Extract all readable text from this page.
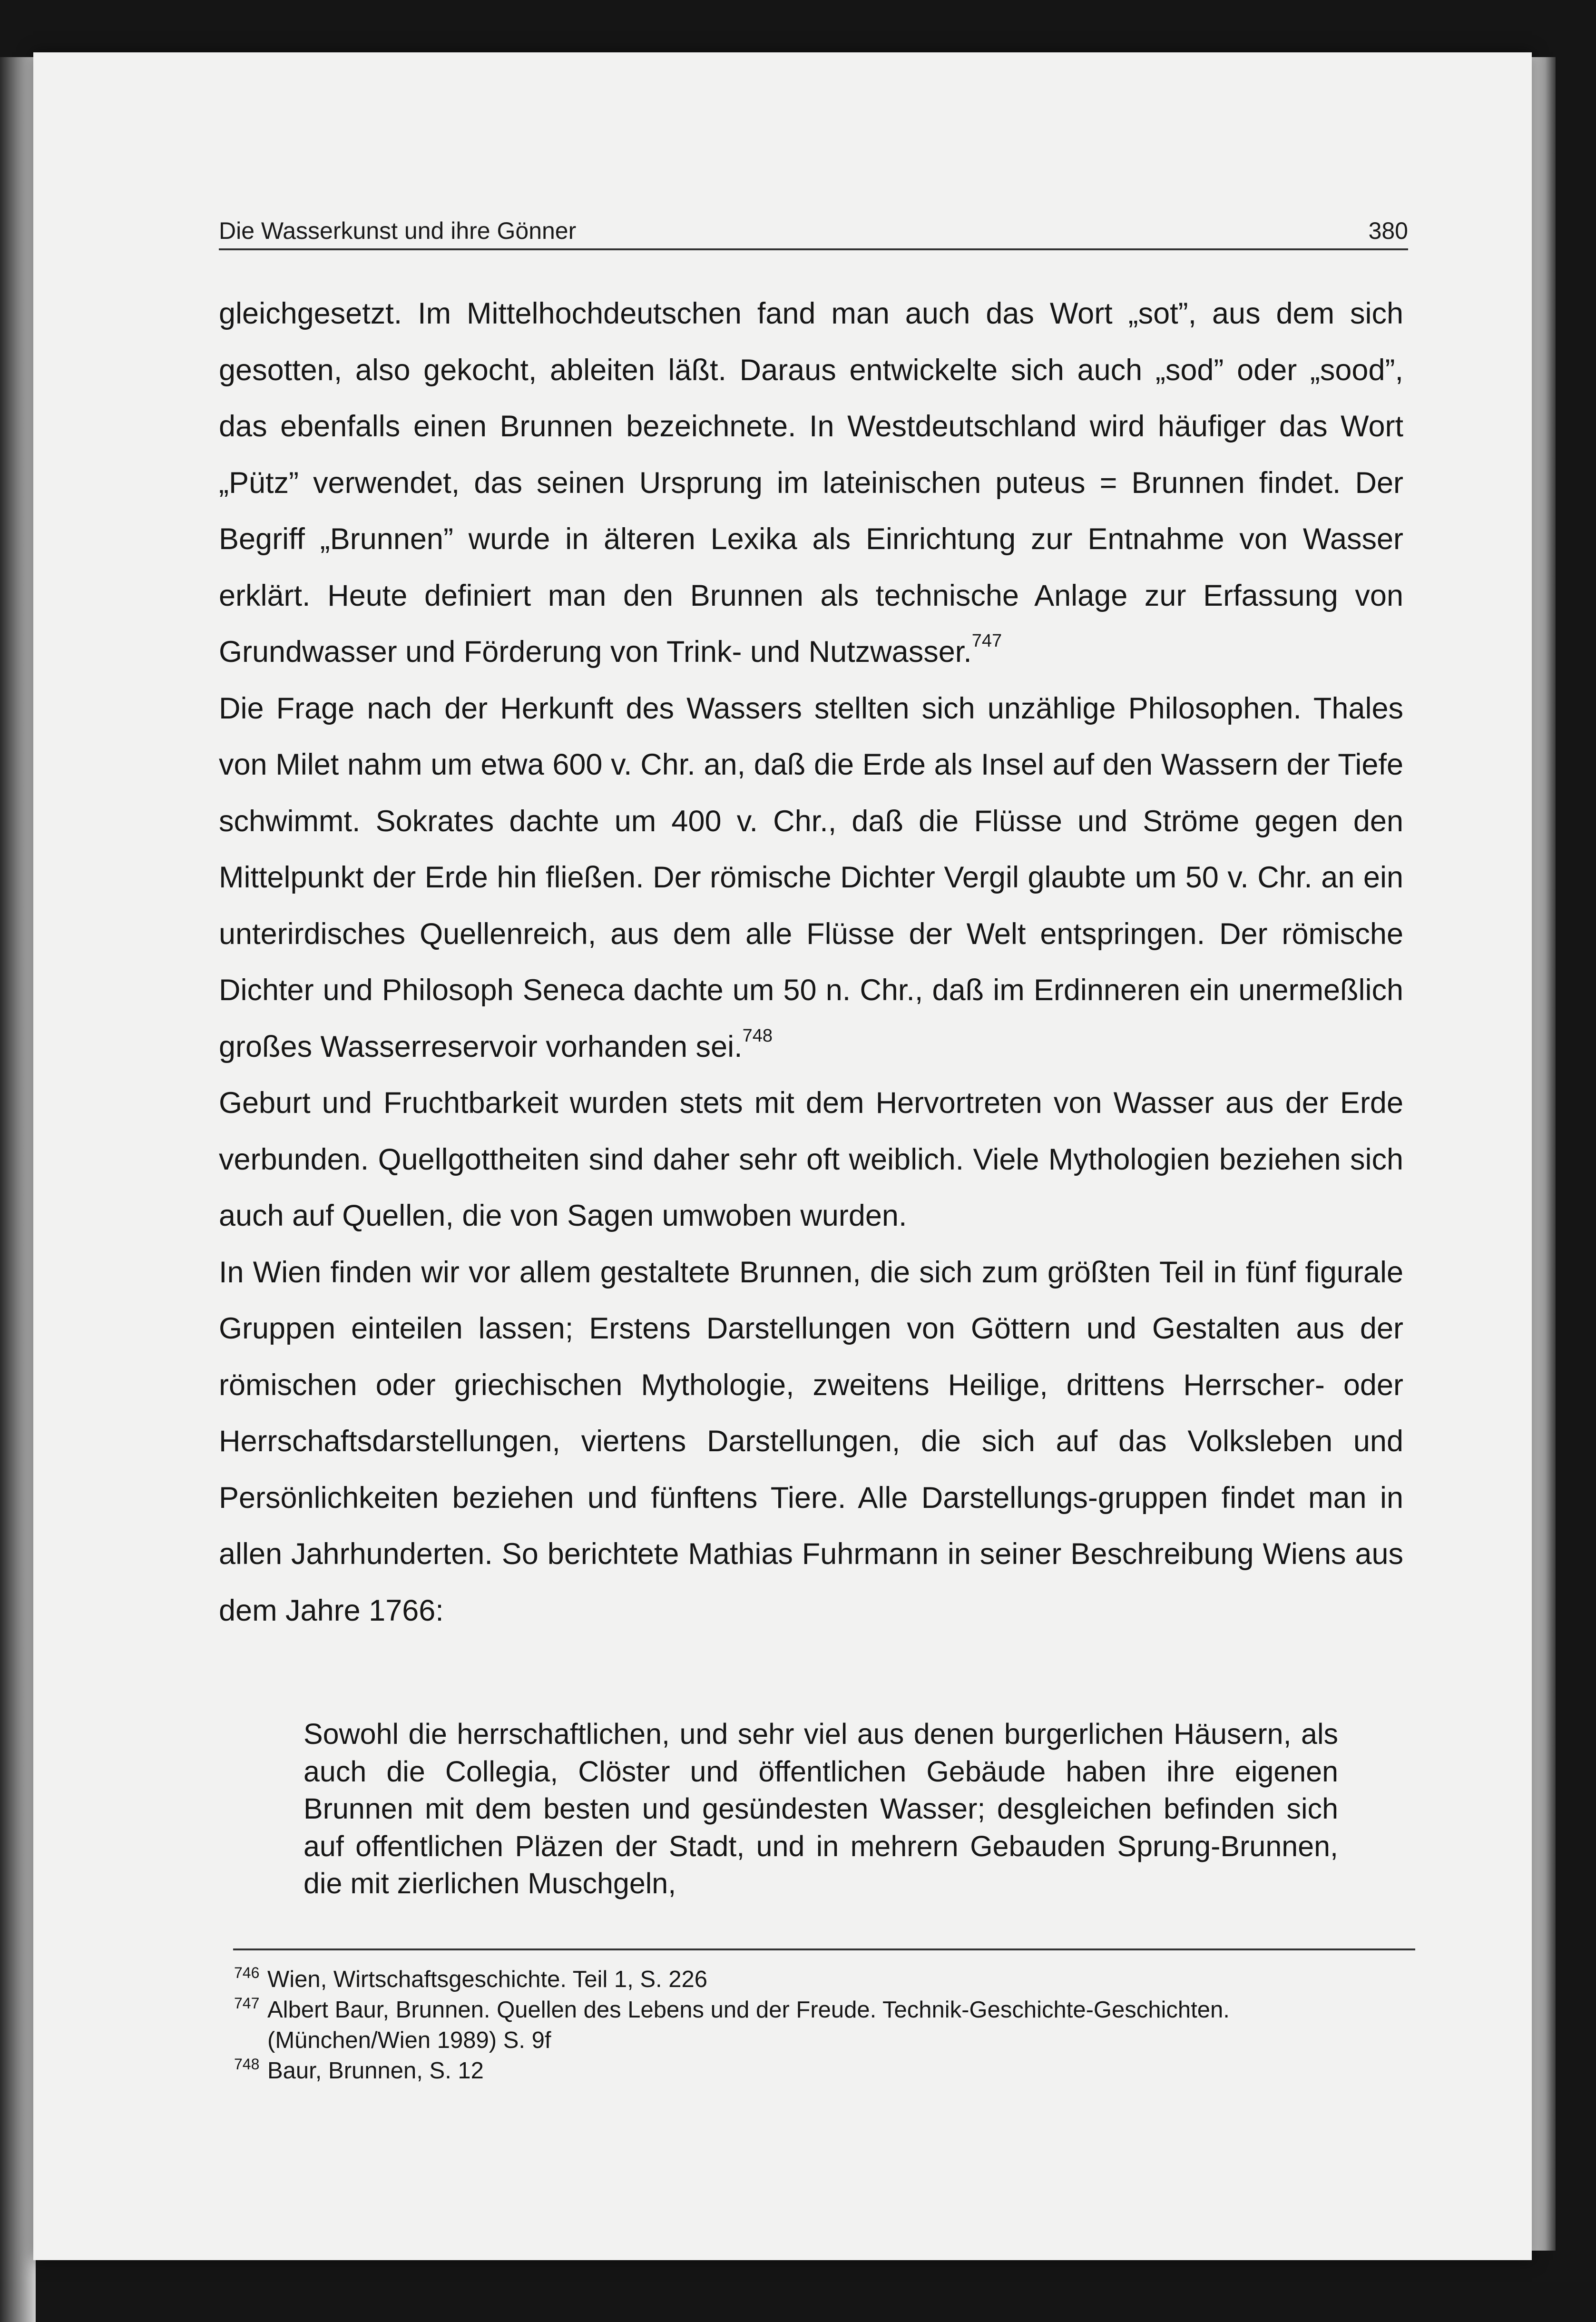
Die Wasserkunst und ihre Gönner	380

gleichgesetzt. Im Mittelhochdeutschen fand man auch das Wort „sot”, aus dem sich gesotten, also gekocht, ableiten läßt. Daraus entwickelte sich auch „sod” oder „sood”, das ebenfalls einen Brunnen bezeichnete. In Westdeutschland wird häufiger das Wort „Pütz” verwendet, das seinen Ursprung im lateinischen puteus = Brunnen findet. Der Begriff „Brunnen” wurde in älteren Lexika als Einrichtung zur Entnahme von Wasser erklärt. Heute definiert man den Brunnen als technische Anlage zur Erfassung von Grundwasser und Förderung von Trink- und Nutzwasser.$^{747}$

Die Frage nach der Herkunft des Wassers stellten sich unzählige Philosophen. Thales von Milet nahm um etwa 600 v. Chr. an, daß die Erde als Insel auf den Wassern der Tiefe schwimmt. Sokrates dachte um 400 v. Chr., daß die Flüsse und Ströme gegen den Mittelpunkt der Erde hin fließen. Der römische Dichter Vergil glaubte um 50 v. Chr. an ein unterirdisches Quellenreich, aus dem alle Flüsse der Welt entspringen. Der römische Dichter und Philosoph Seneca dachte um 50 n. Chr., daß im Erdinneren ein unermeßlich großes Wasserreservoir vorhanden sei.$^{748}$

Geburt und Fruchtbarkeit wurden stets mit dem Hervortreten von Wasser aus der Erde verbunden. Quellgottheiten sind daher sehr oft weiblich. Viele Mythologien beziehen sich auch auf Quellen, die von Sagen umwoben wurden.

In Wien finden wir vor allem gestaltete Brunnen, die sich zum größten Teil in fünf figurale Gruppen einteilen lassen; Erstens Darstellungen von Göttern und Gestalten aus der römischen oder griechischen Mythologie, zweitens Heilige, drittens Herrscher- oder Herrschaftsdarstellungen, viertens Darstellungen, die sich auf das Volksleben und Persönlichkeiten beziehen und fünftens Tiere. Alle Darstellungs-gruppen findet man in allen Jahrhunderten. So berichtete Mathias Fuhrmann in seiner Beschreibung Wiens aus dem Jahre 1766:

Sowohl die herrschaftlichen, und sehr viel aus denen burgerlichen Häusern, als auch die Collegia, Clöster und öffentlichen Gebäude haben ihre eigenen Brunnen mit dem besten und gesündesten Wasser; desgleichen befinden sich auf offentlichen Pläzen der Stadt, und in mehrern Gebauden Sprung-Brunnen, die mit zierlichen Muschgeln,

746 Wien, Wirtschaftsgeschichte. Teil 1, S. 226
747 Albert Baur, Brunnen. Quellen des Lebens und der Freude. Technik-Geschichte-Geschichten.
(München/Wien 1989) S. 9f
748 Baur, Brunnen, S. 12
